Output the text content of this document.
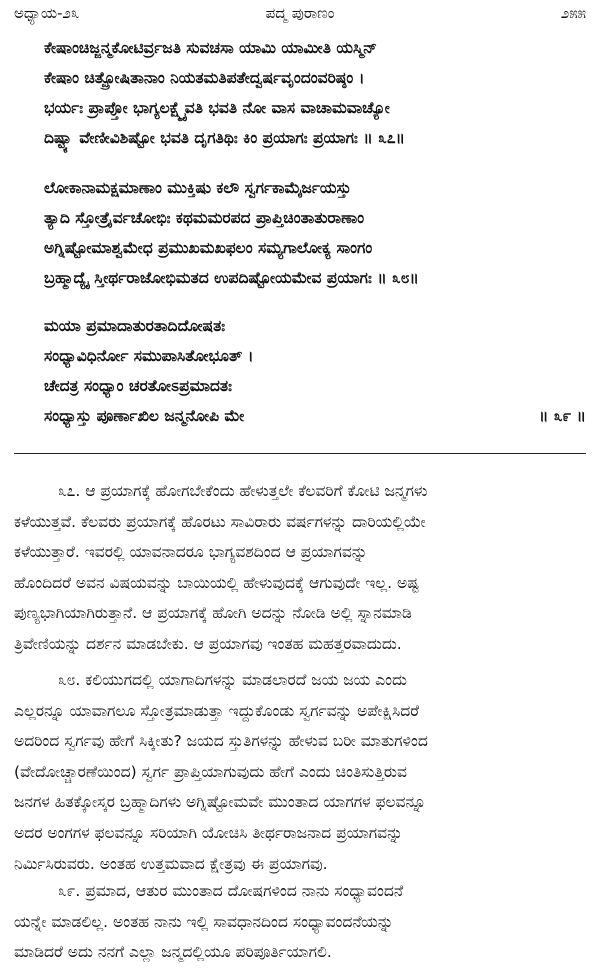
ಅಧ್ಯಾಯ-೨೩	ಪದ್ಮ ಪುರಾಣಂ	೨೫೫
ಕೇಷಾಂಚಿಜ್ಜನ್ಮಕೋಟಿರ್ವ್ರಜತಿ ಸುವಚಸಾ ಯಾಮಿ ಯಾಮೀತಿ ಯಸ್ಮಿನ್
ಕೇಷಾಂ ಚಿತ್ಪ್ರೋಷಿತಾನಾಂ ನಿಯತಮತಿಪತೇದ್ವರ್ಷವೃಂದಂವರಿಷ್ಠಂ ।
ಭರ್ಯಃ ಪ್ರಾಪ್ತೋ ಭಾಗ್ಯಲಕ್ಷ್ಮೈವತಿ ಭವತಿ ನೋ ವಾಸ ವಾಚಾಮವಾಚ್ಯೋ
ದಿಷ್ಟ್ಯಾ ವೇಣೀವಿಶಿಷ್ಟೋ ಭವತಿ ದೃಗತಿಥಿಃ ಕಿಂ ಪ್ರಯಾಗಃ ಪ್ರಯಾಗಃ ॥ ೩೭॥
ಲೋಕಾನಾಮಕ್ಷಮಾಣಾಂ ಮುಕ್ತಿಷು ಕಲೌ ಸ್ವರ್ಗಕಾಮೈರ್ಜಯಸ್ತು
ತ್ಯಾದಿ ಸ್ತೋತ್ರೈರ್ವಚೋಭಿಃ ಕಥಮಮರಪದ ಪ್ರಾಪ್ತಿಚಿಂತಾತುರಾಣಾಂ
ಅಗ್ನಿಷ್ಟೋಮಾಶ್ವಮೇಧ ಪ್ರಮುಖಮಖಫಲಂ ಸಮ್ಯಗಾಲೋಕ್ಯ ಸಾಂಗಂ
ಬ್ರಹ್ಮಾದ್ಯೈ ಸ್ತೀರ್ಥರಾಜೋಭಿಮತದ ಉಪದಿಷ್ಟೋಯಮೇವ ಪ್ರಯಾಗಃ ॥ ೩೮॥
ಮಯಾ ಪ್ರಮಾದಾತುರತಾದಿದೋಷತಃ
ಸಂಧ್ಯಾವಿಧಿರ್ನೋ ಸಮುಪಾಸಿತೋಭೂತ್ ।
ಚೇದತ್ರ ಸಂಧ್ಯಾಂ ಚರತೋಽಪ್ರಮಾದತಃ
ಸಂಧ್ಯಾಸ್ತು ಪೂರ್ಣಾಖಿಲ ಜನ್ಮನೋಪಿ ಮೇ	॥ ೩೯ ॥
೩೭. ಆ ಪ್ರಯಾಗಕ್ಕೆ ಹೋಗಬೇಕೆಂದು ಹೇಳುತ್ತಲೇ ಕೆಲವರಿಗೆ ಕೋಟಿ ಜನ್ಮಗಳು
ಕಳೆಯುತ್ತವೆ. ಕೆಲವರು ಪ್ರಯಾಗಕ್ಕೆ ಹೊರಟು ಸಾವಿರಾರು ವರ್ಷಗಳನ್ನು ದಾರಿಯಲ್ಲಿಯೇ
ಕಳೆಯುತ್ತಾರೆ. ಇವರಲ್ಲಿ ಯಾವನಾದರೂ ಭಾಗ್ಯವಶದಿಂದ ಆ ಪ್ರಯಾಗವನ್ನು
ಹೊಂದಿದರೆ ಅವನ ವಿಷಯವನ್ನು ಬಾಯಿಯಲ್ಲಿ ಹೇಳುವುದಕ್ಕೆ ಆಗುವುದೇ ಇಲ್ಲ. ಅಷ್ಟ
ಪುಣ್ಯಭಾಗಿಯಾಗಿರುತ್ತಾನೆ. ಆ ಪ್ರಯಾಗಕ್ಕೆ ಹೋಗಿ ಅದನ್ನು ನೋಡಿ ಅಲ್ಲಿ ಸ್ನಾನಮಾಡಿ
ತ್ರಿವೇಣಿಯನ್ನು ದರ್ಶನ ಮಾಡಬೇಕು. ಆ ಪ್ರಯಾಗವು ಇಂತಹ ಮಹತ್ತರವಾದುದು.
೩೮. ಕಲಿಯುಗದಲ್ಲಿ ಯಾಗಾದಿಗಳನ್ನು ಮಾಡಲಾರದೆ ಜಯ ಜಯ ಎಂದು
ಎಲ್ಲರನ್ನೂ ಯಾವಾಗಲೂ ಸ್ತೋತ್ರಮಾಡುತ್ತಾ ಇದ್ದುಕೊಂಡು ಸ್ವರ್ಗವನ್ನು ಅಪೇಕ್ಷಿಸಿದರೆ
ಅದರಿಂದ ಸ್ವರ್ಗವು ಹೇಗೆ ಸಿಕ್ಕೀತು? ಜಯದ ಸ್ತುತಿಗಳನ್ನು ಹೇಳುವ ಬರೀ ಮಾತುಗಳಿಂದ
(ವೇದೋಚ್ಚಾರಣೆಯಿಂದ) ಸ್ವರ್ಗ ಪ್ರಾಪ್ತಿಯಾಗುವುದು ಹೇಗೆ ಎಂದು ಚಿಂತಿಸುತ್ತಿರುವ
ಜನಗಳ ಹಿತಕ್ಕೋಸ್ಕರ ಬ್ರಹ್ಮಾದಿಗಳು ಅಗ್ನಿಷ್ಟೋಮವೇ ಮುಂತಾದ ಯಾಗಗಳ ಫಲವನ್ನೂ
ಅದರ ಅಂಗಗಳ ಫಲವನ್ನೂ ಸರಿಯಾಗಿ ಯೋಚಿಸಿ ತೀರ್ಥರಾಜನಾದ ಪ್ರಯಾಗವನ್ನು
ನಿರ್ಮಿಸಿರುವರು. ಅಂತಹ ಉತ್ತಮವಾದ ಕ್ಷೇತ್ರವು ಈ ಪ್ರಯಾಗವು.
೩೯. ಪ್ರಮಾದ, ಆತುರ ಮುಂತಾದ ದೋಷಗಳಿಂದ ನಾನು ಸಂಧ್ಯಾವಂದನೆ
ಯನ್ನೇ ಮಾಡಲಿಲ್ಲ. ಅಂತಹ ನಾನು ಇಲ್ಲಿ ಸಾವಧಾನದಿಂದ ಸಂಧ್ಯಾವಂದನೆಯನ್ನು
ಮಾಡಿದರೆ ಅದು ನನಗೆ ಎಲ್ಲಾ ಜನ್ಮದಲ್ಲಿಯೂ ಪರಿಪೂರ್ತಿಯಾಗಲಿ.
